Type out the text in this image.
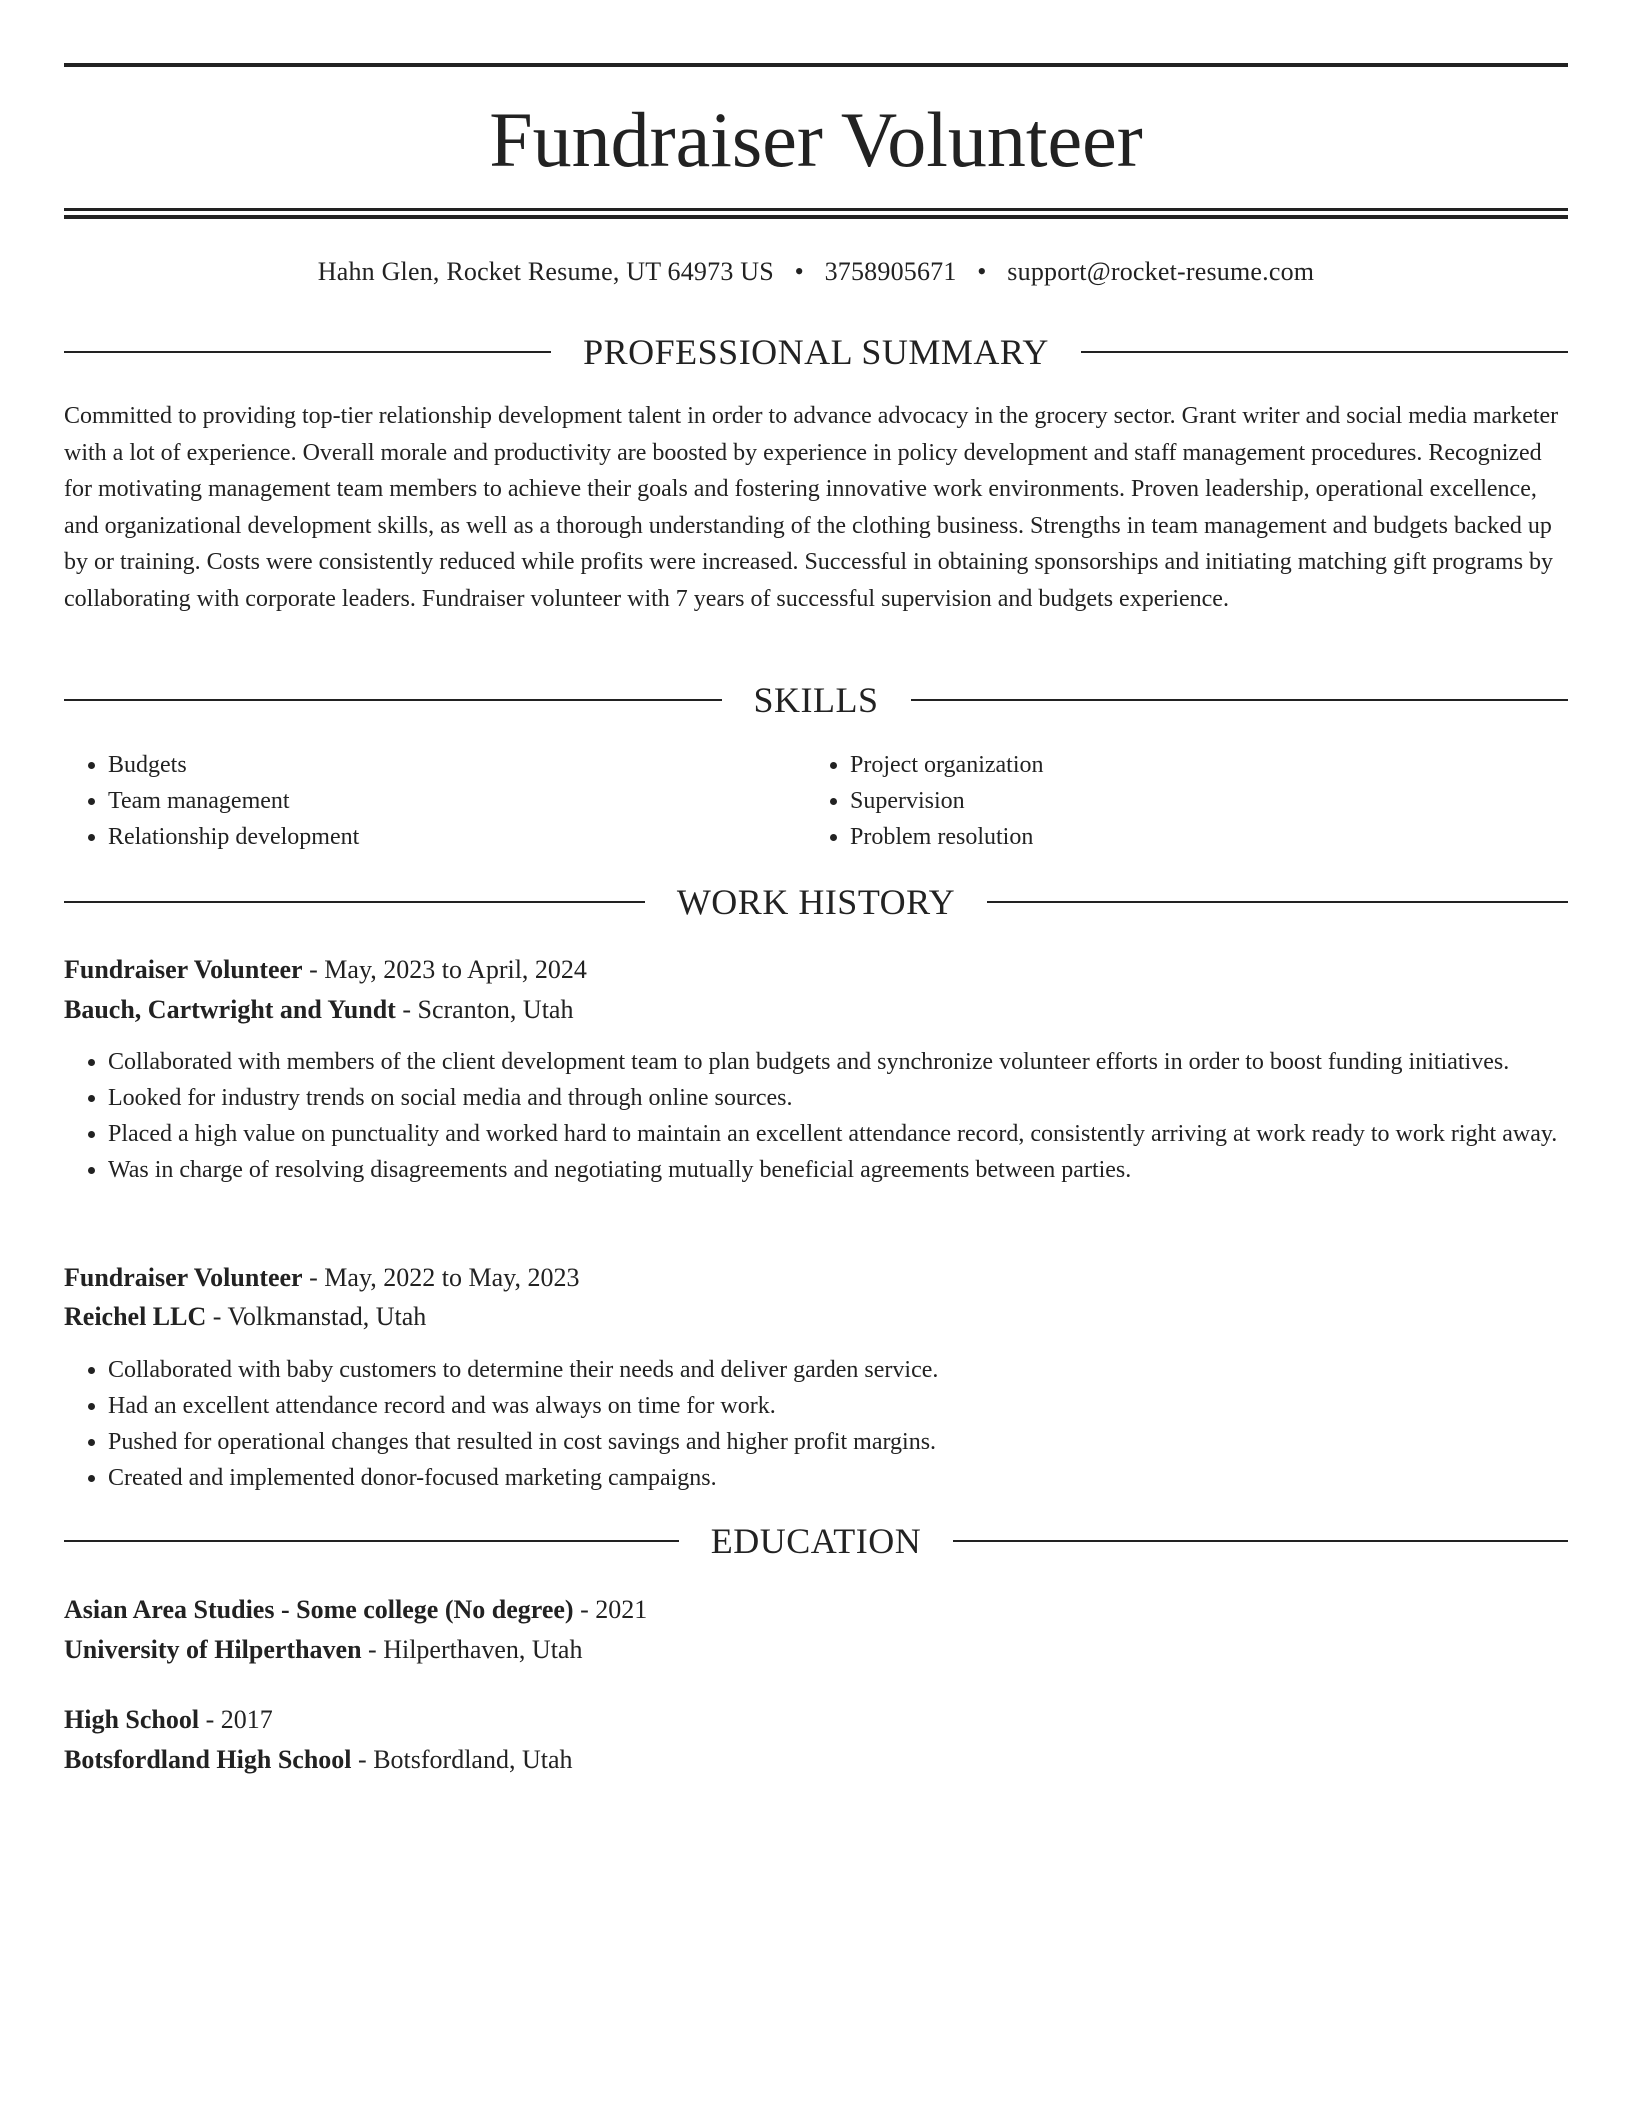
Fundraiser Volunteer
Hahn Glen, Rocket Resume, UT 64973 US • 3758905671 • support@rocket-resume.com
PROFESSIONAL SUMMARY

Committed to providing top-tier relationship development talent in order to advance advocacy in the grocery sector. Grant writer and social media marketer with a lot of experience. Overall morale and productivity are boosted by experience in policy development and staff management procedures. Recognized for motivating management team members to achieve their goals and fostering innovative work environments. Proven leadership, operational excellence, and organizational development skills, as well as a thorough understanding of the clothing business. Strengths in team management and budgets backed up by or training. Costs were consistently reduced while profits were increased. Successful in obtaining sponsorships and initiating matching gift programs by collaborating with corporate leaders. Fundraiser volunteer with 7 years of successful supervision and budgets experience.

SKILLS
• Budgets
• Team management
• Relationship development
• Project organization
• Supervision
• Problem resolution
WORK HISTORY
Fundraiser Volunteer - May, 2023 to April, 2024
Bauch, Cartwright and Yundt - Scranton, Utah
• Collaborated with members of the client development team to plan budgets and synchronize volunteer efforts in order to boost funding initiatives.
• Looked for industry trends on social media and through online sources.
• Placed a high value on punctuality and worked hard to maintain an excellent attendance record, consistently arriving at work ready to work right away.
• Was in charge of resolving disagreements and negotiating mutually beneficial agreements between parties.
Fundraiser Volunteer - May, 2022 to May, 2023
Reichel LLC - Volkmanstad, Utah
• Collaborated with baby customers to determine their needs and deliver garden service.
• Had an excellent attendance record and was always on time for work.
• Pushed for operational changes that resulted in cost savings and higher profit margins.
• Created and implemented donor-focused marketing campaigns.
EDUCATION
Asian Area Studies - Some college (No degree) - 2021
University of Hilperthaven - Hilperthaven, Utah
High School - 2017
Botsfordland High School - Botsfordland, Utah
